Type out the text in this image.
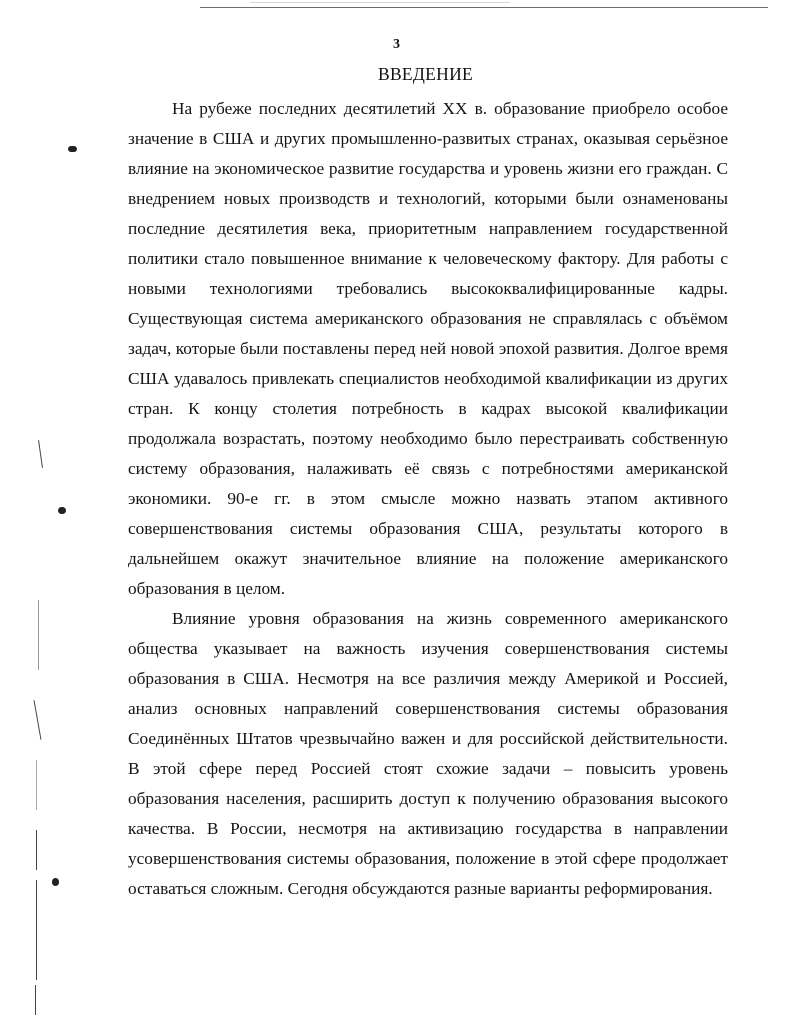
3
ВВЕДЕНИЕ

На рубеже последних десятилетий XX в. образование приобрело особое значение в США и других промышленно-развитых странах, оказывая серьёзное влияние на экономическое развитие государства и уровень жизни его граждан. С внедрением новых производств и технологий, которыми были ознаменованы последние десятилетия века, приоритетным направлением государственной политики стало повышенное внимание к человеческому фактору. Для работы с новыми технологиями требовались высококвалифицированные кадры. Существующая система американского образования не справлялась с объёмом задач, которые были поставлены перед ней новой эпохой развития. Долгое время США удавалось привлекать специалистов необходимой квалификации из других стран. К концу столетия потребность в кадрах высокой квалификации продолжала возрастать, поэтому необходимо было перестраивать собственную систему образования, налаживать её связь с потребностями американской экономики. 90-е гг. в этом смысле можно назвать этапом активного совершенствования системы образования США, результаты которого в дальнейшем окажут значительное влияние на положение американского образования в целом.

Влияние уровня образования на жизнь современного американского общества указывает на важность изучения совершенствования системы образования в США. Несмотря на все различия между Америкой и Россией, анализ основных направлений совершенствования системы образования Соединённых Штатов чрезвычайно важен и для российской действительности. В этой сфере перед Россией стоят схожие задачи – повысить уровень образования населения, расширить доступ к получению образования высокого качества. В России, несмотря на активизацию государства в направлении усовершенствования системы образования, положение в этой сфере продолжает оставаться сложным. Сегодня обсуждаются разные варианты реформирования.
